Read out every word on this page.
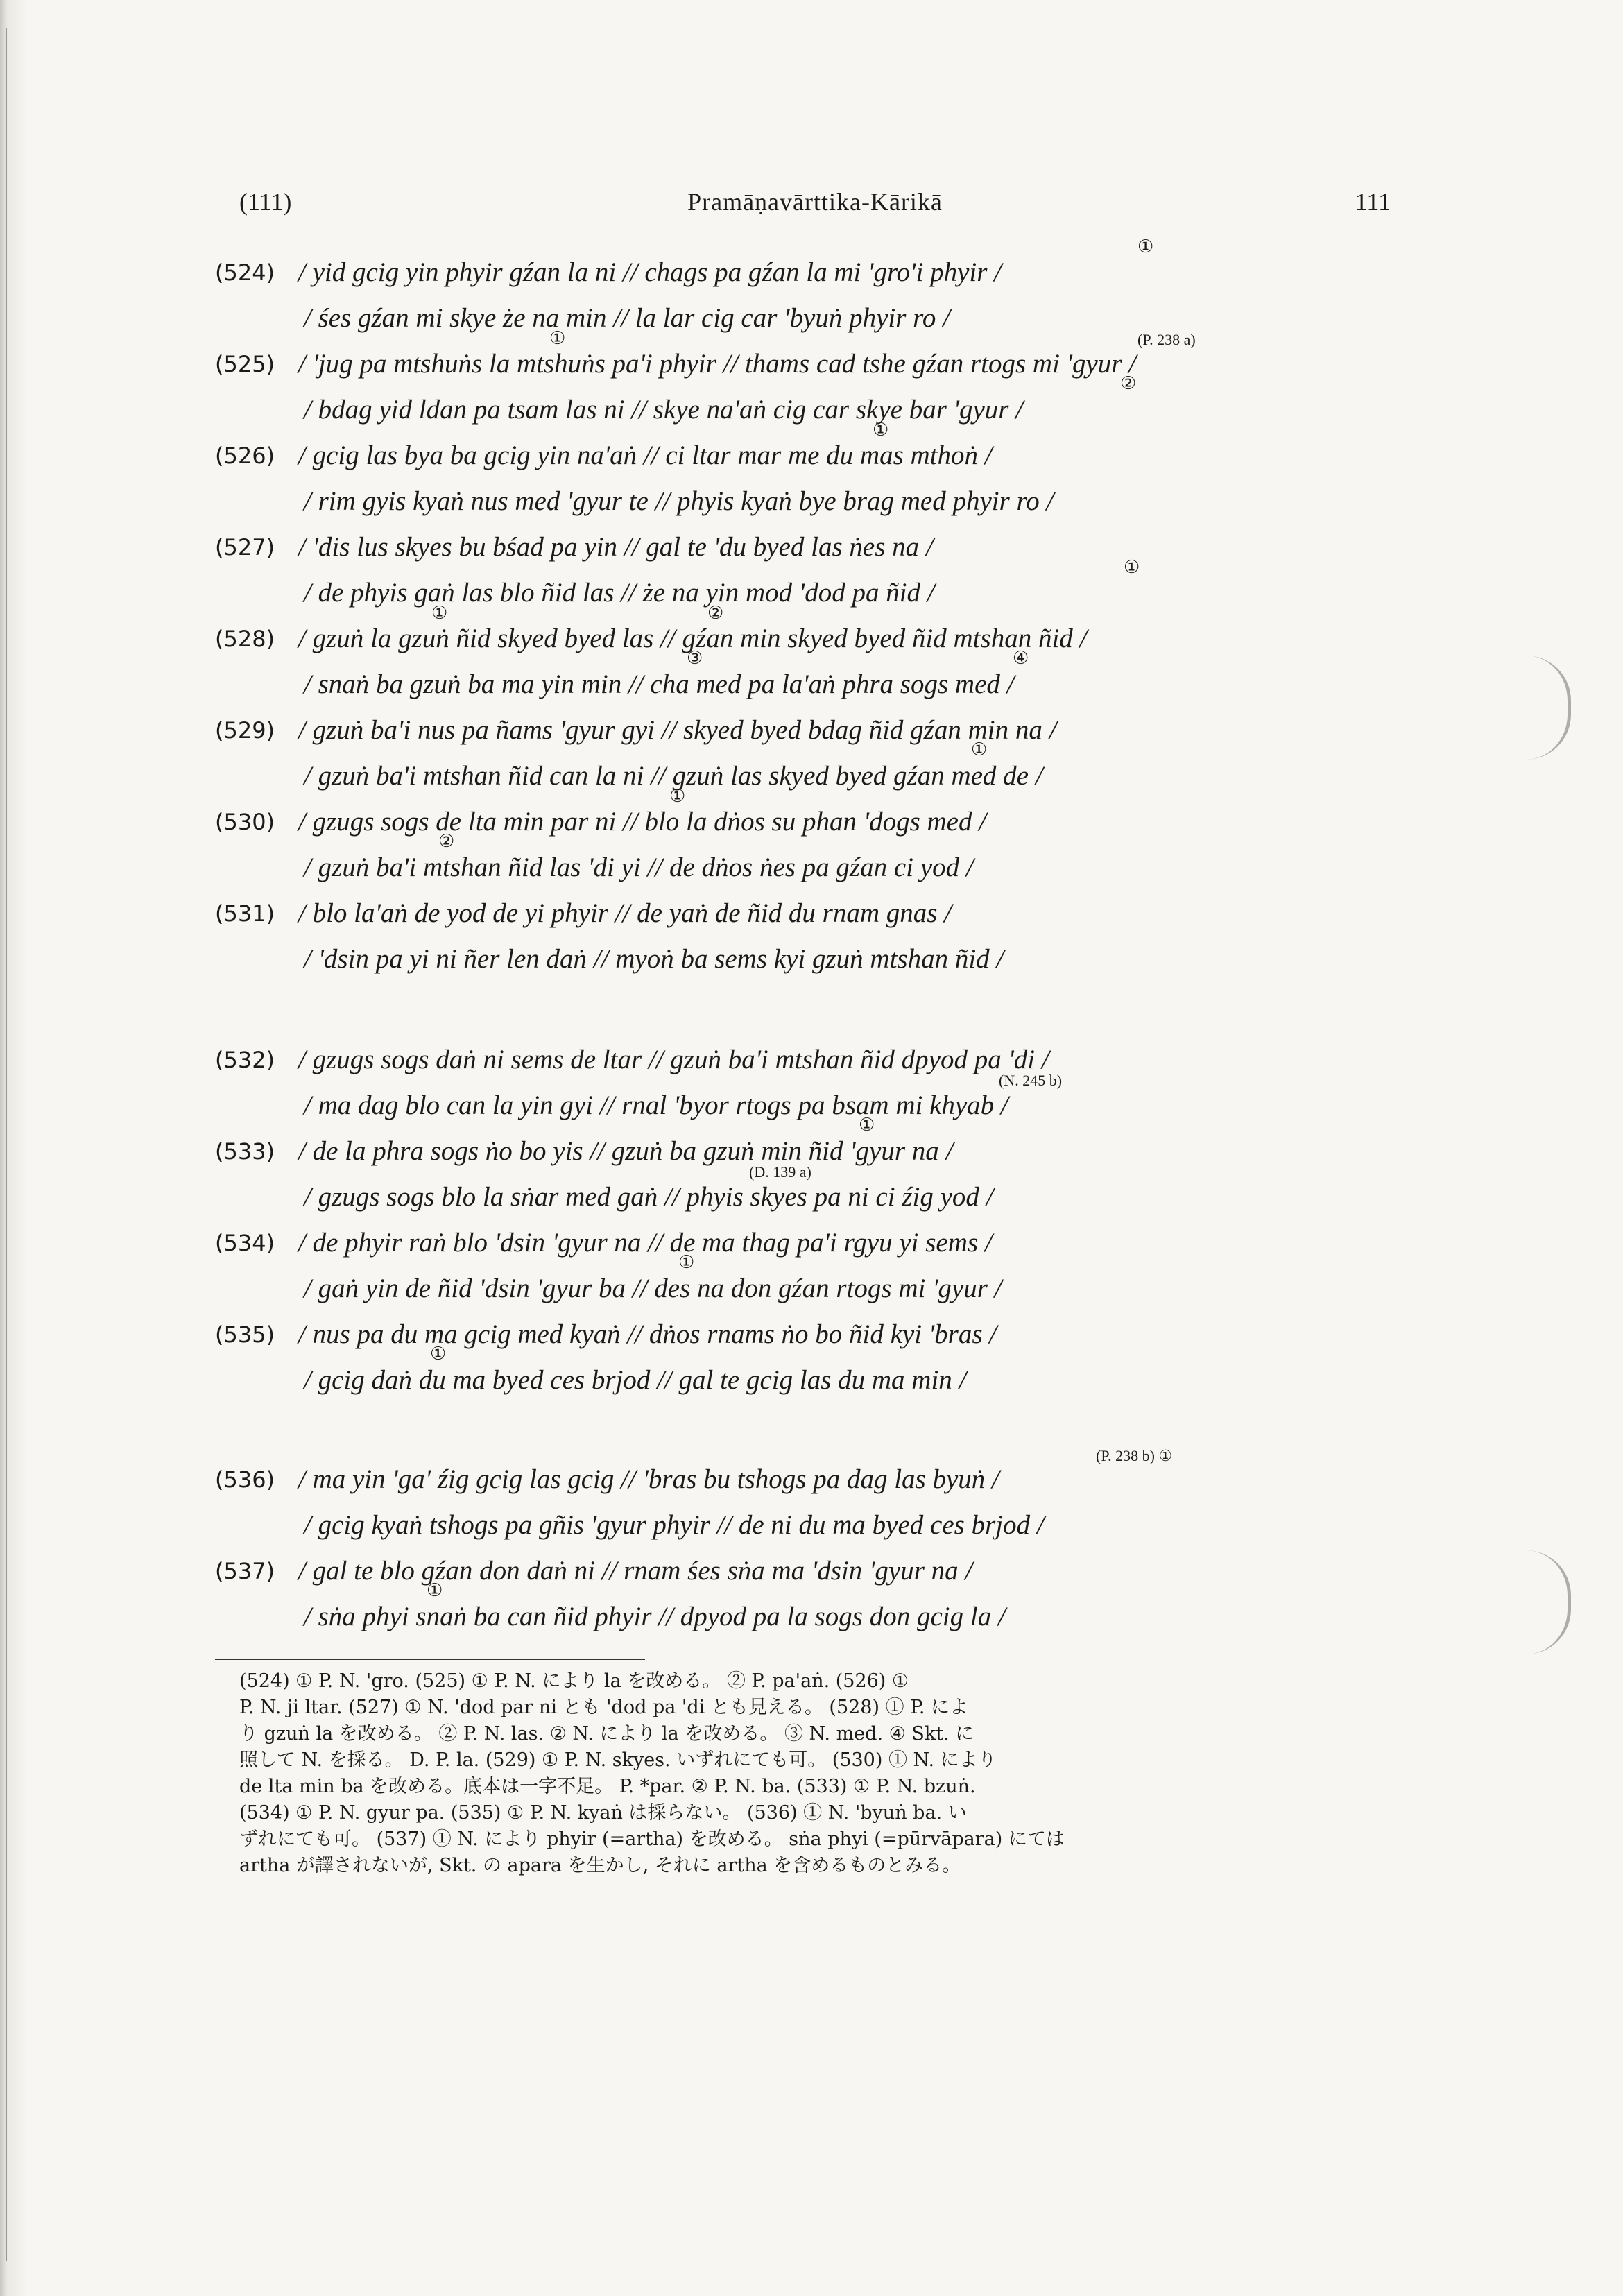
(111)	Pramāṇavārttika-Kārikā	111
(524) / yid gcig yin phyir gźan la ni // chags pa gźan la mi 'gro'i phyir /
①
/ śes gźan mi skye że na min // la lar cig car 'byuṅ phyir ro /
(525) / 'jug pa mtshuṅs la mtshuṅs pa'i phyir // thams cad tshe gźan rtogs mi 'gyur /
①	(P. 238 a)
②
/ bdag yid ldan pa tsam las ni // skye na'aṅ cig car skye bar 'gyur /
(526) / gcig las bya ba gcig yin na'aṅ // ci ltar mar me du mas mthoṅ /
①
/ rim gyis kyaṅ nus med 'gyur te // phyis kyaṅ bye brag med phyir ro /
(527) / 'dis lus skyes bu bśad pa yin // gal te 'du byed las ṅes na /
/ de phyis gaṅ las blo ñid las // że na yin mod 'dod pa ñid /
①
(528) / gzuṅ la gzuṅ ñid skyed byed las // gźan min skyed byed ñid mtshan ñid /
①	②
③	④
/ snaṅ ba gzuṅ ba ma yin min // cha med pa la'aṅ phra sogs med /
(529) / gzuṅ ba'i nus pa ñams 'gyur gyi // skyed byed bdag ñid gźan min na /
①
/ gzuṅ ba'i mtshan ñid can la ni // gzuṅ las skyed byed gźan med de /
(530) / gzugs sogs de lta min par ni // blo la dṅos su phan 'dogs med /
①
②
/ gzuṅ ba'i mtshan ñid las 'di yi // de dṅos ṅes pa gźan ci yod /
(531) / blo la'aṅ de yod de yi phyir // de yaṅ de ñid du rnam gnas /
/ 'dsin pa yi ni ñer len daṅ // myoṅ ba sems kyi gzuṅ mtshan ñid /
(532) / gzugs sogs daṅ ni sems de ltar // gzuṅ ba'i mtshan ñid dpyod pa 'di /
(N. 245 b)
/ ma dag blo can la yin gyi // rnal 'byor rtogs pa bsam mi khyab /
①
(533) / de la phra sogs ṅo bo yis // gzuṅ ba gzuṅ min ñid 'gyur na /
(D. 139 a)
/ gzugs sogs blo la sṅar med gaṅ // phyis skyes pa ni ci źig yod /
(534) / de phyir raṅ blo 'dsin 'gyur na // de ma thag pa'i rgyu yi sems /
①
/ gaṅ yin de ñid 'dsin 'gyur ba // des na don gźan rtogs mi 'gyur /
(535) / nus pa du ma gcig med kyaṅ // dṅos rnams ṅo bo ñid kyi 'bras /
①
/ gcig daṅ du ma byed ces brjod // gal te gcig las du ma min /
(536) / ma yin 'ga' źig gcig las gcig // 'bras bu tshogs pa dag las byuṅ /
(P. 238 b) ①
/ gcig kyaṅ tshogs pa gñis 'gyur phyir // de ni du ma byed ces brjod /
(537) / gal te blo gźan don daṅ ni // rnam śes sṅa ma 'dsin 'gyur na /
①
/ sṅa phyi snaṅ ba can ñid phyir // dpyod pa la sogs don gcig la /
(524) ① P. N. 'gro. (525) ① P. N. により la を改める。 ② P. pa'aṅ. (526) ①
P. N. ji ltar. (527) ① N. 'dod par ni とも 'dod pa 'di とも見える。 (528) ① P. によ
り gzuṅ la を改める。 ② P. N. las. ② N. により la を改める。 ③ N. med. ④ Skt. に
照して N. を採る。 D. P. la. (529) ① P. N. skyes. いずれにても可。 (530) ① N. により
de lta min ba を改める。底本は一字不足。 P. *par. ② P. N. ba. (533) ① P. N. bzuṅ.
(534) ① P. N. gyur pa. (535) ① P. N. kyaṅ は採らない。 (536) ① N. 'byuṅ ba. い
ずれにても可。 (537) ① N. により phyir (=artha) を改める。 sṅa phyi (=pūrvāpara) にては
artha が譯されないが, Skt. の apara を生かし, それに artha を含めるものとみる。
